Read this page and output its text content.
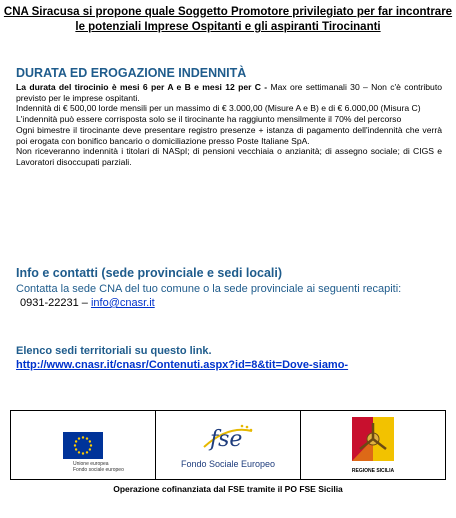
CNA Siracusa si propone quale Soggetto Promotore privilegiato per far incontrare
le potenziali Imprese Ospitanti e gli aspiranti Tirocinanti
DURATA ED EROGAZIONE INDENNITÀ

La durata del tirocinio è mesi 6 per A e B e mesi 12 per C - Max ore settimanali 30 – Non c'è contributo previsto per le imprese ospitanti.

Indennità di € 500,00 lorde mensili per un massimo di € 3.000,00 (Misure A e B) e di € 6.000,00 (Misura C)

L'indennità può essere corrisposta solo se il tirocinante ha raggiunto mensilmente il 70% del percorso

Ogni bimestre il tirocinante deve presentare registro presenze + istanza di pagamento dell'indennità che verrà poi erogata con bonifico bancario o domiciliazione presso Poste Italiane SpA.

Non riceveranno indennità i titolari di NASpI; di pensioni vecchiaia o anzianità; di assegno sociale; di CIGS e Lavoratori disoccupati parziali.

Info e contatti (sede provinciale e sedi locali)
Contatta la sede CNA del tuo comune o la sede provinciale ai seguenti recapiti:
0931-22231 – info@cnasr.it
Elenco sedi territoriali su questo link.
http://www.cnasr.it/cnasr/Contenuti.aspx?id=8&tit=Dove-siamo-
Unione europea
Fondo sociale europeo
fse
Fondo Sociale Europeo
REGIONE SICILIA
Operazione cofinanziata dal FSE tramite il PO FSE Sicilia
